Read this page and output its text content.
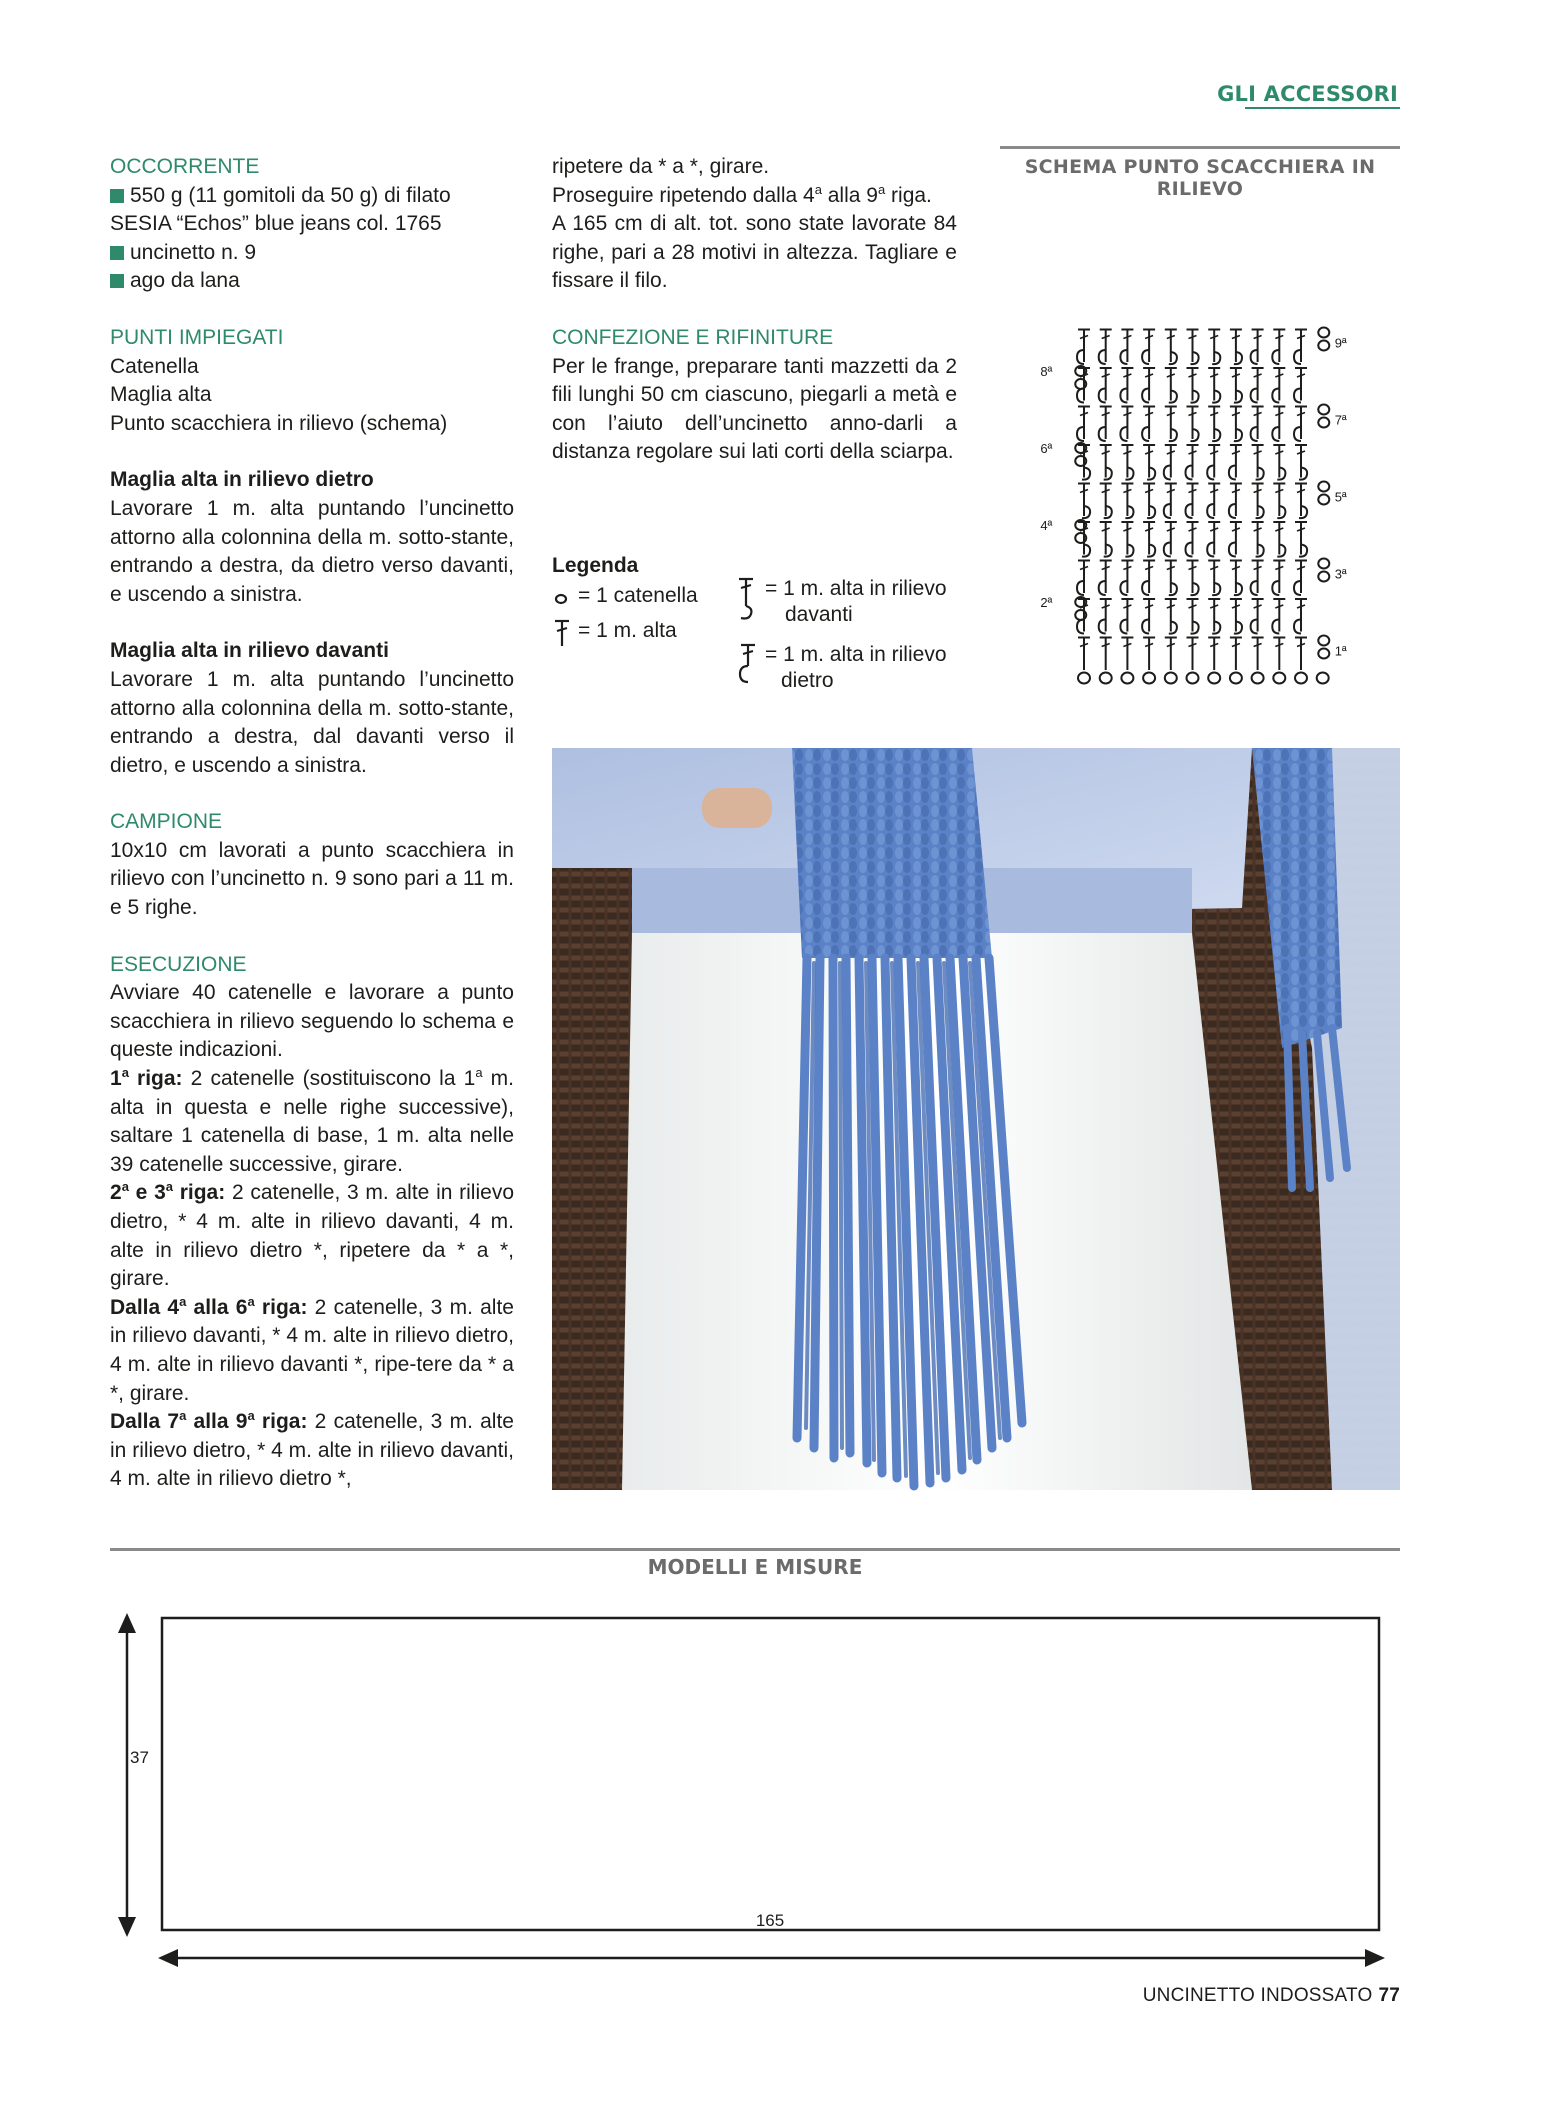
GLI ACCESSORI

OCCORRENTE

550 g (11 gomitoli da 50 g) di filato

SESIA “Echos” blue jeans col. 1765

uncinetto n. 9

ago da lana

PUNTI IMPIEGATI

Catenella

Maglia alta

Punto scacchiera in rilievo (schema)

Maglia alta in rilievo dietro

Lavorare 1 m. alta puntando l’uncinetto attorno alla colonnina della m. sotto-stante, entrando a destra, da dietro verso davanti, e uscendo a sinistra.

Maglia alta in rilievo davanti

Lavorare 1 m. alta puntando l’uncinetto attorno alla colonnina della m. sotto-stante, entrando a destra, dal davanti verso il dietro, e uscendo a sinistra.

CAMPIONE

10x10 cm lavorati a punto scacchiera in rilievo con l’uncinetto n. 9 sono pari a 11 m. e 5 righe.

ESECUZIONE

Avviare 40 catenelle e lavorare a punto scacchiera in rilievo seguendo lo schema e queste indicazioni.

1$^a$ riga: 2 catenelle (sostituiscono la 1$^a$ m. alta in questa e nelle righe successive), saltare 1 catenella di base, 1 m. alta nelle 39 catenelle successive, girare.

2$^a$ e 3$^a$ riga: 2 catenelle, 3 m. alte in rilievo dietro, * 4 m. alte in rilievo davanti, 4 m. alte in rilievo dietro *, ripetere da * a *, girare.

Dalla 4$^a$ alla 6$^a$ riga: 2 catenelle, 3 m. alte in rilievo davanti, * 4 m. alte in rilievo dietro, 4 m. alte in rilievo davanti *, ripe-tere da * a *, girare.

Dalla 7$^a$ alla 9$^a$ riga: 2 catenelle, 3 m. alte in rilievo dietro, * 4 m. alte in rilievo davanti, 4 m. alte in rilievo dietro *,

ripetere da * a *, girare.

Proseguire ripetendo dalla 4$^a$ alla 9$^a$ riga.

A 165 cm di alt. tot. sono state lavorate 84 righe, pari a 28 motivi in altezza. Tagliare e fissare il filo.

CONFEZIONE E RIFINITURE

Per le frange, preparare tanti mazzetti da 2 fili lunghi 50 cm ciascuno, piegarli a metà e con l’aiuto dell’uncinetto anno-darli a distanza regolare sui lati corti della sciarpa.

Legenda
= 1 catenella
= 1 m. alta
= 1 m. alta in rilievo
davanti
= 1 m. alta in rilievo
dietro
SCHEMA PUNTO SCACCHIERA IN RILIEVO
1ª
2ª
3ª
4ª
5ª
6ª
7ª
8ª
9ª
MODELLI E MISURE
37
165
UNCINETTO INDOSSATO 77
